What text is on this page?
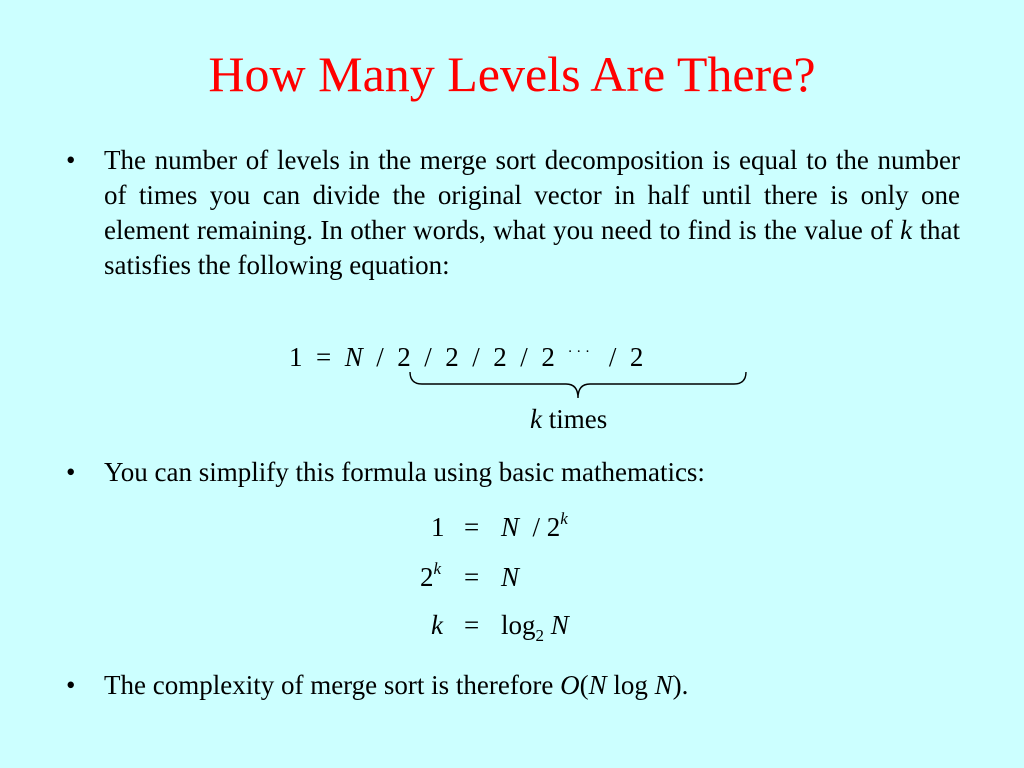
How Many Levels Are There?
• The number of levels in the merge sort decomposition is equal to the number of times you can divide the original vector in half until there is only one element remaining. In other words, what you need to find is the value of k that satisfies the following equation:
1 = N / 2 / 2 / 2 / 2 · · · / 2
k times
• You can simplify this formula using basic mathematics:
1 = N / 2$^k$
$2^k = N$
$k = \log_2 N$
• The complexity of merge sort is therefore O(N log N).
